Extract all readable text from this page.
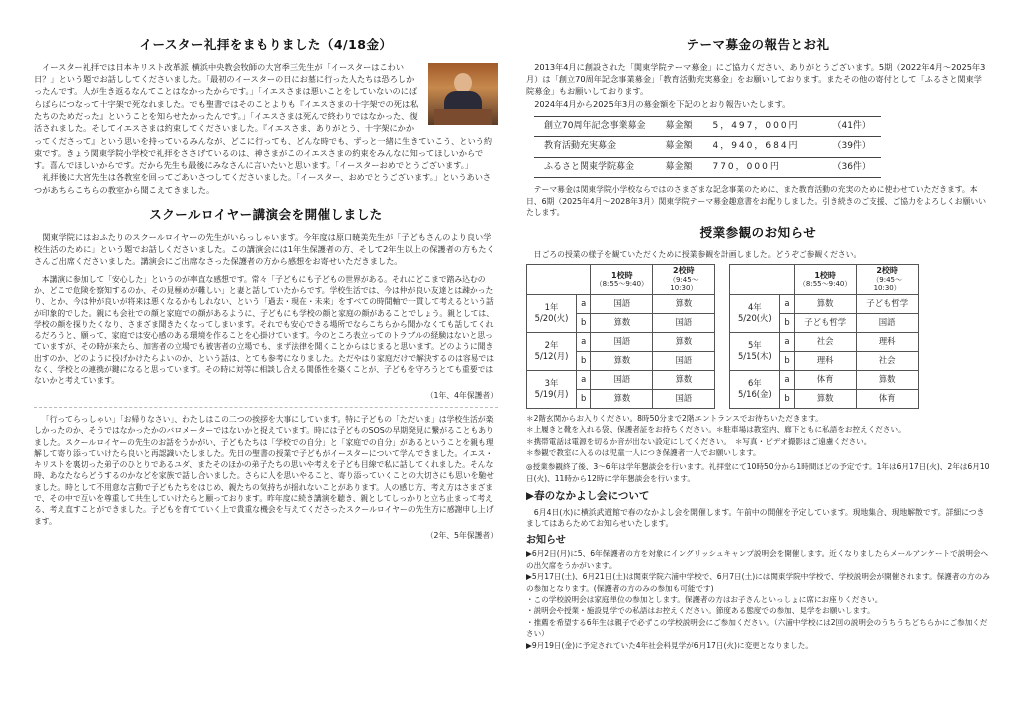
イースター礼拝をまもりました（4/18金）

イースター礼拝では日本キリスト改革派 横浜中央教会牧師の大宮季三先生が「イースターはこわい日？」という題でお話ししてくださいました。「最初のイースターの日にお墓に行った人たちは恐ろしかったんです。人が生き返るなんてことはなかったからです。」「イエスさまは悪いことをしていないのにばらばらにつなって十字架で死なれました。でも聖書ではそのことよりも『イエスさまの十字架での死は私たちのためだった』ということを知らせたかったんです。」「イエスさまは死んで終わりではなかった、復活されました。そしてイエスさまは約束してくださいました。『イエスさま、ありがとう、十字架にかかってくださって』という思いを持っているみんなが、どこに行っても、どんな時でも、ずっと一緒に生きていこう、という約束です。きょう関東学院小学校で礼拝をささげているのは、神さまがこのイエスさまの約束をみんなに知ってほしいからです。喜んでほしいからです。だから先生も最後にみなさんに言いたいと思います。「イースターおめでとうございます。」

礼拝後に大宮先生は各教室を回ってごあいさつしてくださいました。「イースター、おめでとうございます。」というあいさつがあちらこちらの教室から聞こえてきました。

スクールロイヤー講演会を開催しました

関東学院にはおふたりのスクールロイヤーの先生がいらっしゃいます。今年度は原口暁美先生が「子どもさんのより良い学校生活のために」という題でお話しくださいました。この講演会には1年生保護者の方、そして2年生以上の保護者の方もたくさんご出席くださいました。講演会にご出席なさった保護者の方から感想をお寄せいただきました。

本講演に参加して「安心した」というのが率直な感想です。常々「子どもにも子どもの世界がある。それにどこまで踏み込むのか、どこで危険を察知するのか、その見極めが難しい」と妻と話していたからです。学校生活では、今は仲が良い友達とは疎かったり、とか、今は仲が良いが将来は悪くなるかもしれない、という「過去・現在・未来」をすべての時間軸で一貫して考えるという話が印象的でした。親にも会社での顔と家庭での顔があるように、子どもにも学校の顔と家庭の顔があることでしょう。親としては、学校の顔を探りたくなり、さまざま聞きたくなってしまいます。それでも安心できる場所でならこちらから聞かなくても話してくれるだろうと、願って、家庭では安心感のある環境を作ることを心掛けています。今のところ表立ってのトラブルの経験はないと思っていますが、その時が来たら、加害者の立場でも被害者の立場でも、まず法律を聞くことからはじまると思います。どのように聞き出すのか、どのように投げかけたらよいのか、という話は、とても参考になりました。ただやはり家庭だけで解決するのは容易ではなく、学校との連携が鍵になると思っています。その時に対等に相談し合える関係性を築くことが、子どもを守ろうとても重要ではないかと考えています。

（1年、4年保護者）

「行ってらっしゃい」「お帰りなさい」、わたしはこの二つの挨拶を大事にしています。特に子どもの「ただいま」は学校生活が楽しかったのか、そうではなかったかのバロメーターではないかと捉えています。時には子どものSOSの早期発見に繋がることもありました。スクールロイヤーの先生のお話をうかがい、子どもたちは「学校での自分」と「家庭での自分」があるということを親も理解して寄り添っていけたら良いと再認識いたしました。先日の聖書の授業で子どもがイースターについて学んできました。イエス・キリストを裏切った弟子のひとりであるユダ、またそのほかの弟子たちの思いや考えを子ども目線で私に話してくれました。そんな時、あなたならどうするのかなどを家族で話し合いました。さらに人を思いやること、寄り添っていくことの大切さにも思いを馳せました。時として不用意な言動で子どもたちをはじめ、親たちの気持ちが揺れないことがあります。人の感じ方、考え方はさまざまで、その中で互いを尊重して共生していけたらと願っております。昨年度に続き講演を聴き、親としてしっかりと立ち止まって考える、考え直すことができました。子どもを育てていく上で貴重な機会を与えてくださったスクールロイヤーの先生方に感謝申し上げます。

（2年、5年保護者）
テーマ募金の報告とお礼

2013年4月に創設された「関東学院テーマ募金」にご協力ください、ありがとうございます。5期（2022年4月～2025年3月）は「創立70周年記念事業募金」「教育活動充実募金」をお願いしております。またその他の寄付として「ふるさと関東学院募金」もお願いしております。

2024年4月から2025年3月の募金額を下記のとおり報告いたします。

創立70周年記念事業募金	募金額	5，497，000円	（41件）
教育活動充実募金	募金額	4，940，684円	（39件）
ふるさと関東学院募金	募金額	770，000円	（36件）

テーマ募金は関東学院小学校ならではのさまざまな記念事業のために、また教育活動の充実のために使わせていただきます。本日、6期（2025年4月～2028年3月）関東学院テーマ募金趣意書をお配りしました。引き続きのご支援、ご協力をよろしくお願いいたします。

授業参観のお知らせ

日ごろの授業の様子を観ていただくために授業参観を計画しました。どうぞご参観ください。

		1校時
（8:55～9:40）	2校時
（9:45～10:30）

1年
5/20(火)	a	国語	算数
	b	算数	国語
2年
5/12(月)	a	国語	算数
	b	算数	国語
3年
5/19(月)	a	国語	算数
	b	算数	国語
		1校時
（8:55～9:40）	2校時
（9:45～10:30）

4年
5/20(火)	a	算数	子ども哲学
	b	子ども哲学	国語
5年
5/15(木)	a	社会	理科
	b	理科	社会
6年
5/16(金)	a	体育	算数
	b	算数	体育
＊2階玄関からお入りください。8時50分まで2階エントランスでお待ちいただきます。
＊上履きと靴を入れる袋、保護者証をお持ちください。＊駐車場は教室内、廊下ともに私語をお控えください。
＊携帯電話は電源を切るか音が出ない設定にしてください。　＊写真・ビデオ撮影はご遠慮ください。
＊参観で教室に入るのは児童一人につき保護者一人でお願いします。
◎授業参観終了後、3～6年は学年懇談会を行います。礼拝堂にて10時50分から1時間ほどの予定です。1年は6月17日(火)、2年は6月10日(火)、11時から12時に学年懇談会を行います。
▶春のなかよし会について

6月4日(水)に横浜武道館で春のなかよし会を開催します。午前中の開催を予定しています。現地集合、現地解散です。詳細につきましてはあらためてお知らせいたします。

お知らせ
▶6月2日(月)に5、6年保護者の方を対象にイングリッシュキャンプ説明会を開催します。近くなりましたらメールアンケートで説明会への出欠席をうかがいます。
▶5月17日(土)、6月21日(土)は関東学院六浦中学校で、6月7日(土)には関東学院中学校で、学校説明会が開催されます。保護者の方のみの参加となります。(保護者の方のみの参加も可能です)
・この学校説明会は家庭単位の参加とします。保護者の方はお子さんといっしょに席にお座りください。
・説明会や授業・施設見学での私語はお控えください。節度ある態度での参加、見学をお願いします。
・推薦を希望する6年生は親子で必ずこの学校説明会にご参加ください。（六浦中学校には2回の説明会のうちうちどちらかにご参加ください）
▶9月19日(金)に予定されていた4年社会科見学が6月17日(火)に変更となりました。
